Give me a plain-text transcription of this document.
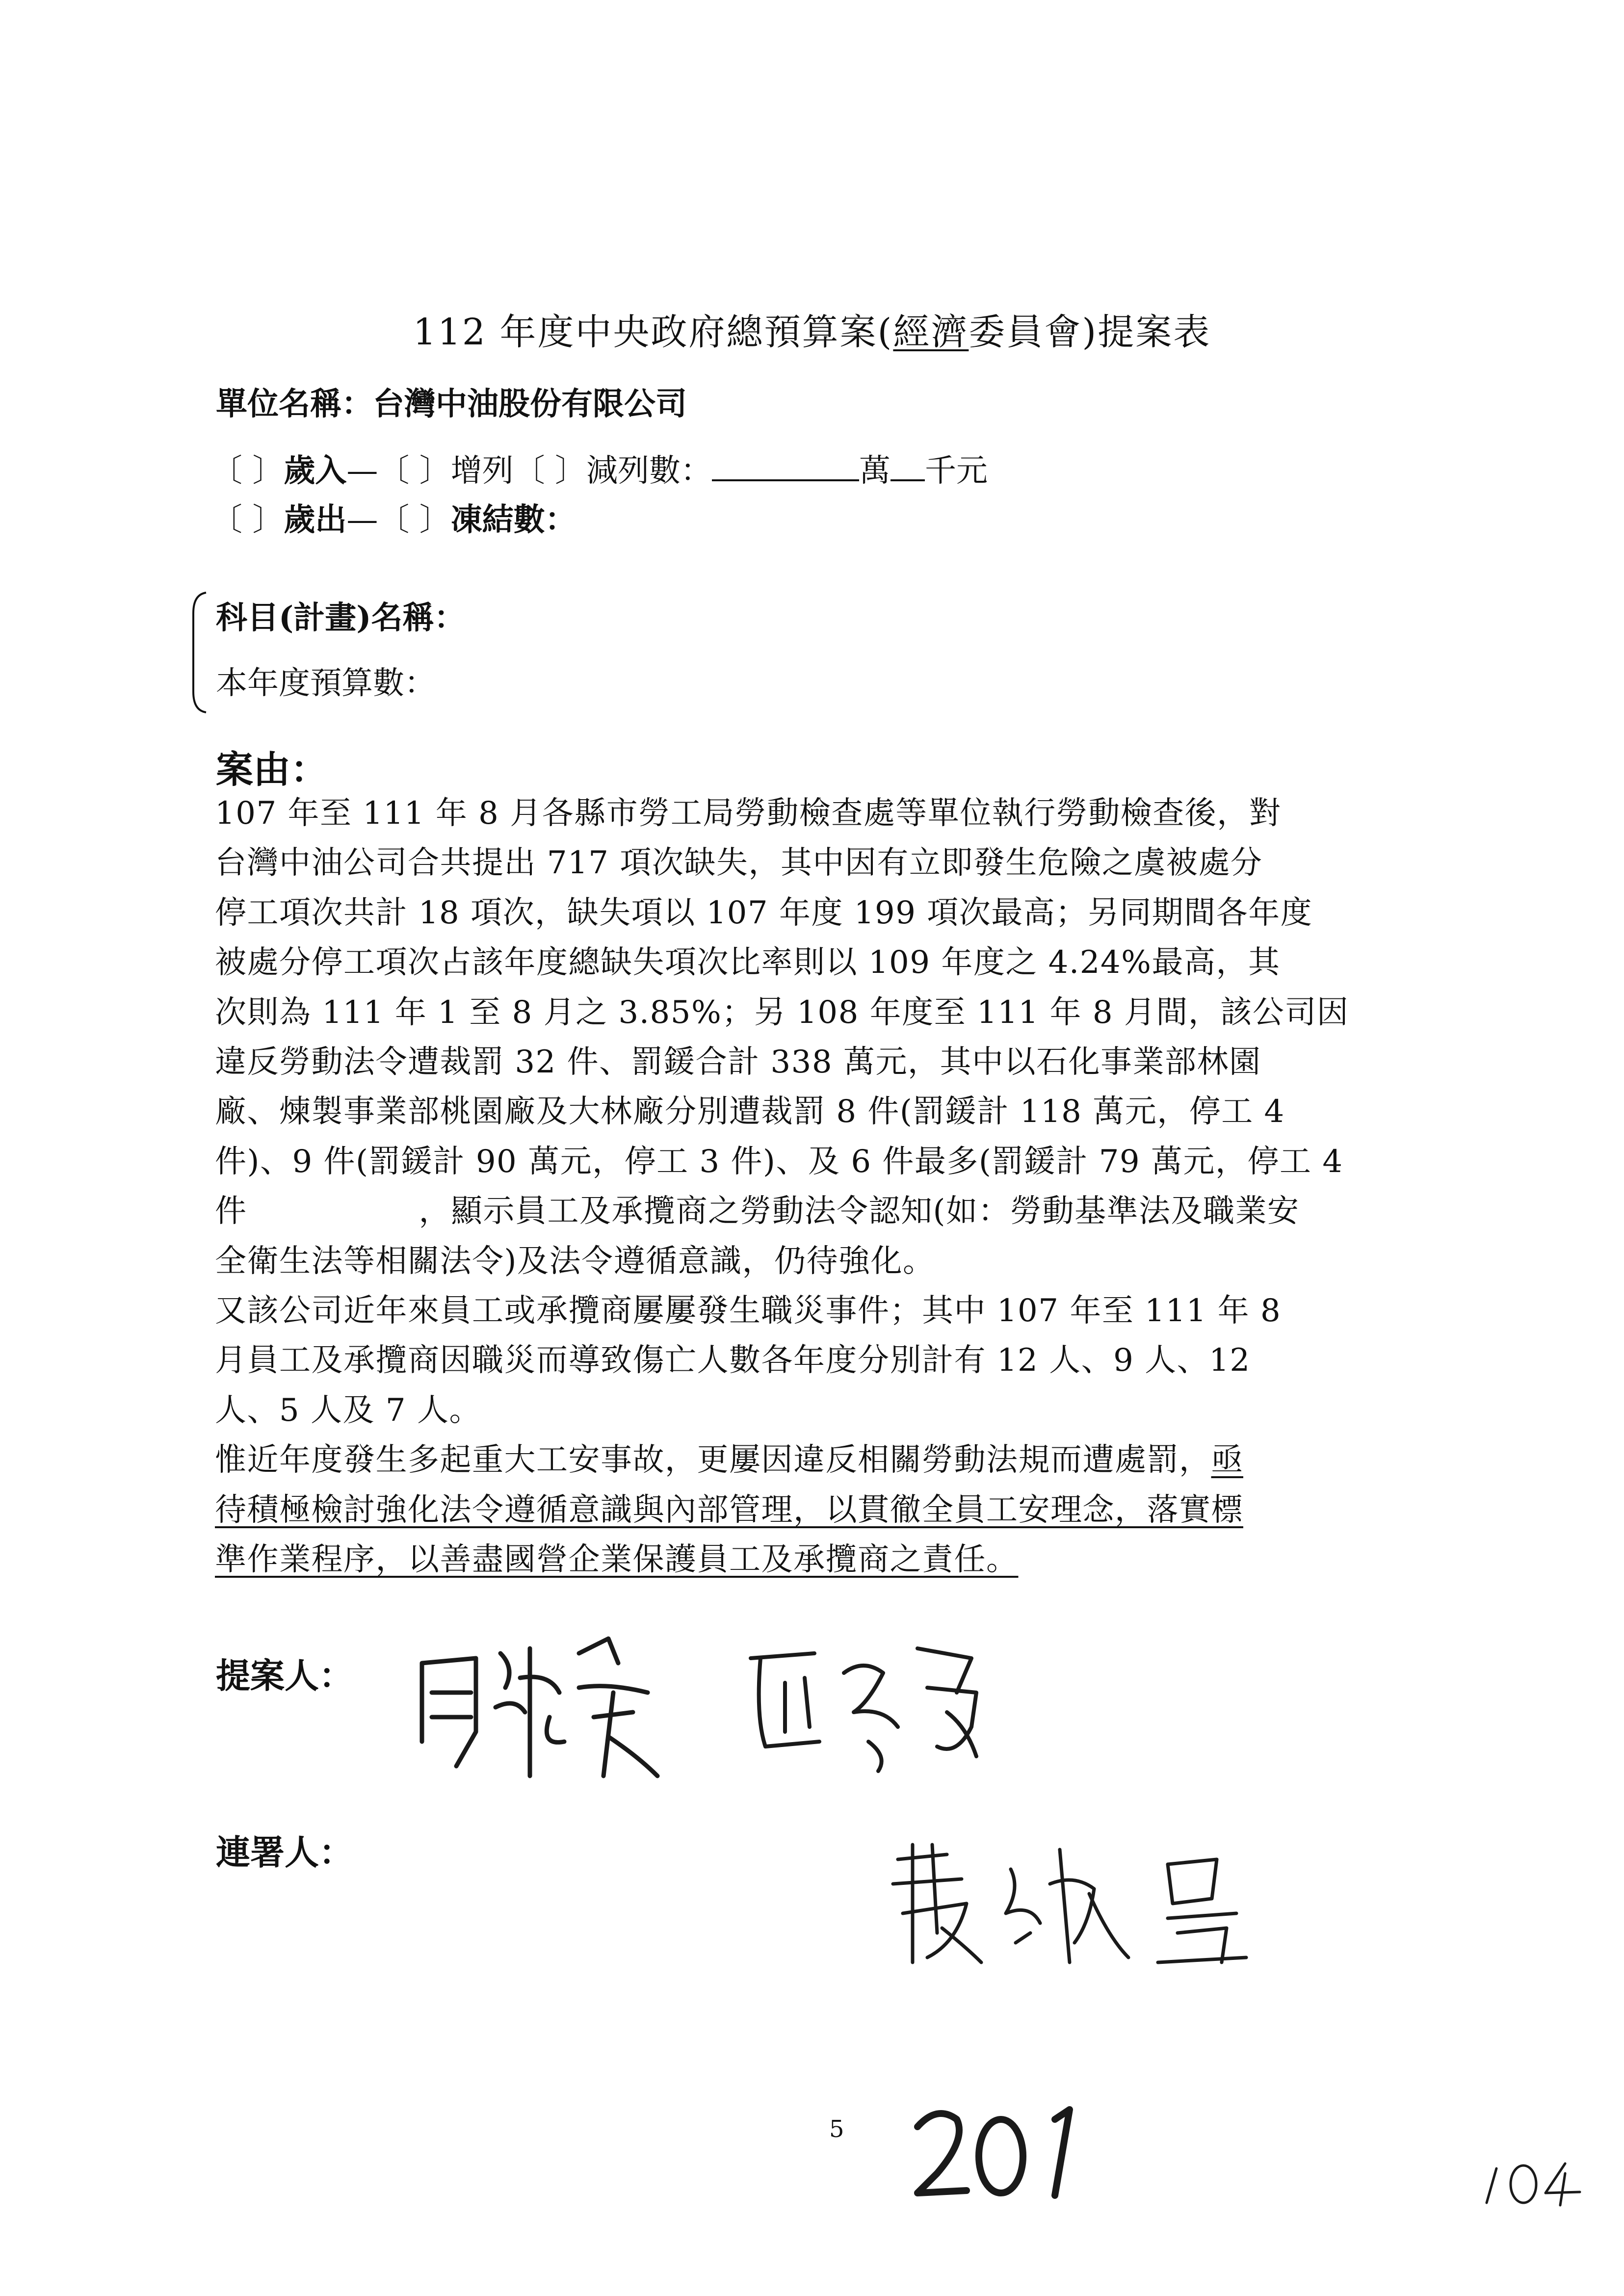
112 年度中央政府總預算案(經濟委員會)提案表
單位名稱：台灣中油股份有限公司
〔 〕歲入—〔 〕增列〔 〕減列數：	萬 千元
〔 〕歲出—〔 〕凍結數：
科目(計畫)名稱：
本年度預算數：
案由：

107 年至 111 年 8 月各縣市勞工局勞動檢查處等單位執行勞動檢查後，對

台灣中油公司合共提出 717 項次缺失，其中因有立即發生危險之虞被處分

停工項次共計 18 項次，缺失項以 107 年度 199 項次最高；另同期間各年度

被處分停工項次占該年度總缺失項次比率則以 109 年度之 4.24%最高，其

次則為 111 年 1 至 8 月之 3.85%；另 108 年度至 111 年 8 月間，該公司因

違反勞動法令遭裁罰 32 件、罰鍰合計 338 萬元，其中以石化事業部林園

廠、煉製事業部桃園廠及大林廠分別遭裁罰 8 件(罰鍰計 118 萬元，停工 4

件)、9 件(罰鍰計 90 萬元，停工 3 件)、及 6 件最多(罰鍰計 79 萬元，停工 4

件	，顯示員工及承攬商之勞動法令認知(如：勞動基準法及職業安

全衛生法等相關法令)及法令遵循意識，仍待強化。

又該公司近年來員工或承攬商屢屢發生職災事件；其中 107 年至 111 年 8

月員工及承攬商因職災而導致傷亡人數各年度分別計有 12 人、9 人、12

人、5 人及 7 人。

惟近年度發生多起重大工安事故，更屢因違反相關勞動法規而遭處罰，亟

待積極檢討強化法令遵循意識與內部管理，以貫徹全員工安理念，落實標

準作業程序，以善盡國營企業保護員工及承攬商之責任。

提案人：
連署人：
5
